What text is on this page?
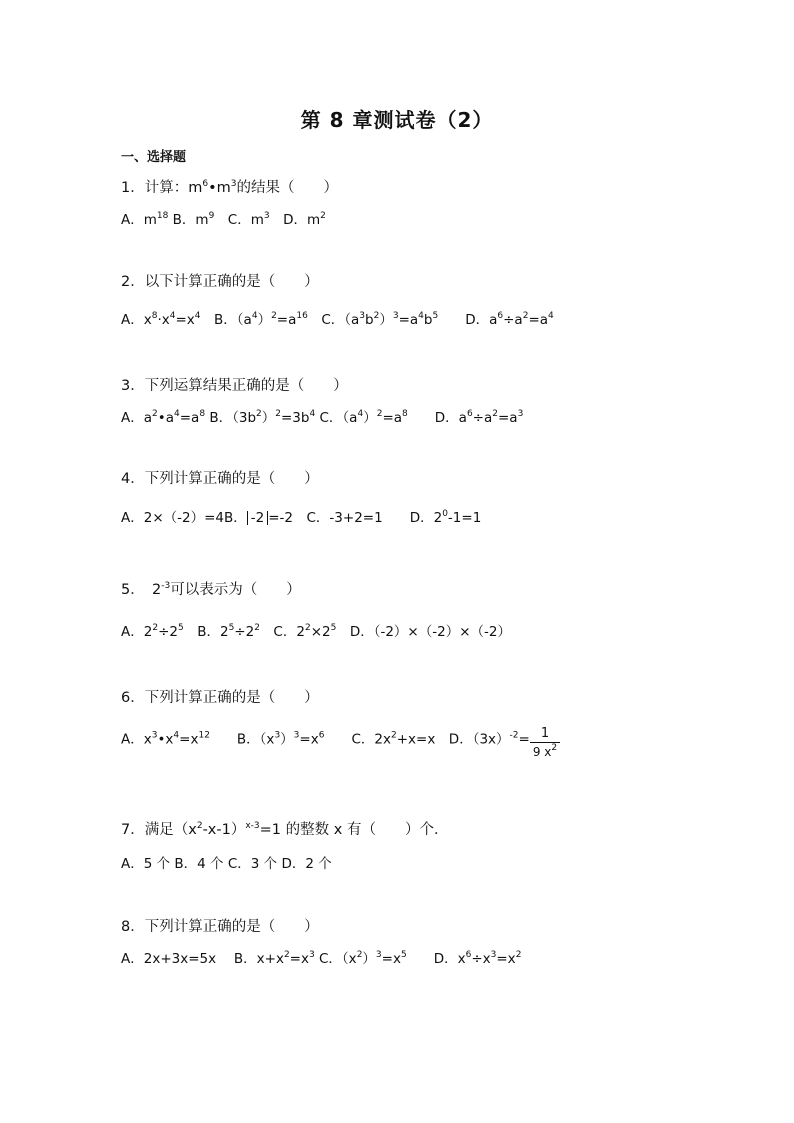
第 8 章测试卷（2）
一、选择题
1．计算：$m^6•m^3$的结果（　　）
A．$m^{18}$ B．$m^9$　C．$m^3$　D．$m^2$
2．以下计算正确的是（　　）
A．$x^8\cdot x^4=x^4$　B．$(a^4)^2=a^{16}$　C．$(a^3b^2)^3=a^4b^5$　　D．$a^6\div a^2=a^4$
3．下列运算结果正确的是（　　）
A．$a^2•a^4=a^8$ B．$(3b^2)^2=3b^4$ C．$(a^4)^2=a^8$　　D．$a^6\div a^2=a^3$
4．下列计算正确的是（　　）
A．2×（-2）=4B． -2 =-2　C．-3+2=1　　D．$2^0-1=1$
5．　$2^{-3}$可以表示为（　　）
A．$2^2\div 2^5$　B．$2^5\div 2^2$　C．$2^2\times 2^5$　D．（-2）×（-2）×（-2）
6．下列计算正确的是（　　）
A．$x^3•x^4=x^{12}$　　B．$(x^3)^3=x^6$　　C．$2x^2+x=x$　D．$(3x)^{-2}= \frac{1}{9 x^2}$
7．满足$(x^2-x-1)^{x-3}=1$ 的整数 x 有（　　）个．
A．5 个 B．4 个 C．3 个 D．2 个
8．下列计算正确的是（　　）
A．2x+3x=5x　 B．$x+x^2=x^3$ C．$(x^2)^3=x^5$　　D．$x^6\div x^3=x^2$
